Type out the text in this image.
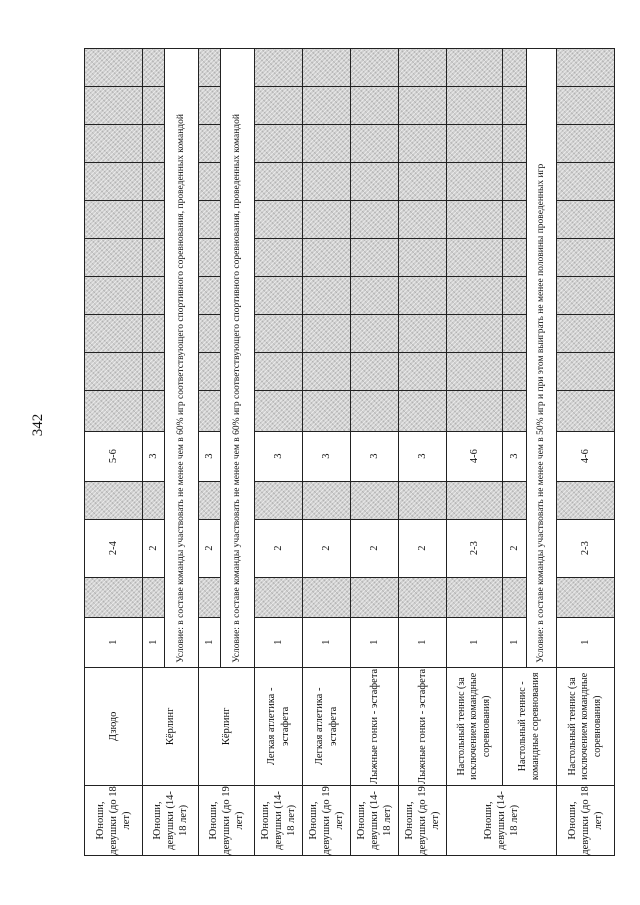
342
Юноши, девушки (до 18 лет)	Дзюдо	1		2-4		5-6										
Юноши, девушки (14-18 лет)	Кёрлинг	1		2		3										
		Условие: в составе команды участвовать не менее чем в 60% игр соответствующего спортивного соревнования, проведенных командой														
Юноши, девушки (до 19 лет)	Кёрлинг	1		2		3										
		Условие: в составе команды участвовать не менее чем в 60% игр соответствующего спортивного соревнования, проведенных командой														
Юноши, девушки (14-18 лет)	Легкая атлетика - эстафета	1		2		3										
Юноши, девушки (до 19 лет)	Легкая атлетика - эстафета	1		2		3										
Юноши, девушки (14-18 лет)	Лыжные гонки - эстафета	1		2		3										
Юноши, девушки (до 19 лет)	Лыжные гонки - эстафета	1		2		3										
Юноши, девушки (14-18 лет)	Настольный теннис (за исключением командные соревнования)	1		2-3		4-6										
	Настольный теннис - командные соревнования	1		2		3										
		Условие: в составе команды участвовать не менее чем в 50% игр и при этом выиграть не менее половины проведенных игр														
Юноши, девушки (до 18 лет)	Настольный теннис (за исключением командные соревнования)	1		2-3		4-6										
